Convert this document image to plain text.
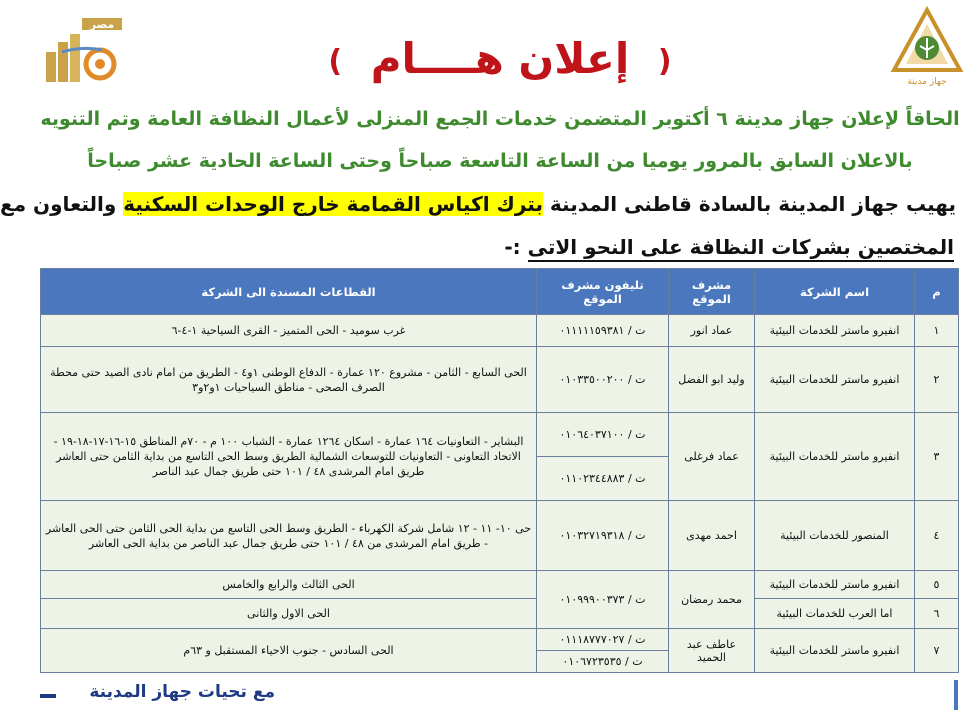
مصر
جهاز مدينة
( إعلان هــــام )
الحاقاً لإعلان جهاز مدينة ٦ أكتوبر المتضمن خدمات الجمع المنزلى لأعمال النظافة العامة وتم التنويه
بالاعلان السابق بالمرور يوميا من الساعة التاسعة صباحاً وحتى الساعة الحادية عشر صباحاً
يهيب جهاز المدينة بالسادة قاطنى المدينة بترك اكياس القمامة خارج الوحدات السكنية والتعاون مع
المختصين بشركات النظافة على النحو الاتى :-
م	اسم الشركة	مشرف الموقع	تليفون مشرف الموقع	القطاعات المسندة الى الشركة
١	انفيرو ماستر للخدمات البيئية	عماد انور	ت / ٠١١١١١٥٩٣٨١	غرب سوميد - الحى المتميز - القرى السياحية ١-٤-٦
٢	انفيرو ماستر للخدمات البيئية	وليد ابو الفضل	ت / ٠١٠٣٣٥٠٠٢٠٠	الحى السابع - الثامن - مشروع ١٢٠ عمارة - الدفاع الوطنى ١و٤ - الطريق من امام نادى الصيد حتى محطة الصرف الصحى - مناطق السياحيات ١و٢و٣
٣	انفيرو ماستر للخدمات البيئية	عماد فرغلى	ت / ٠١٠٦٤٠٣٧١٠٠	البشاير - التعاونيات ١٦٤ عمارة - اسكان ١٢٦٤ عمارة - الشباب ١٠٠ م - ٧٠م المناطق ١٥-١٦-١٧-١٨-١٩ - الاتحاد التعاونى - التعاونيات للتوسعات الشمالية الطريق وسط الحى التاسع من بداية الثامن حتى العاشر طريق امام المرشدى ٤٨ / ١٠١ حتى طريق جمال عبد الناصر
			ت / ٠١١٠٢٣٤٤٨٨٣	
٤	المنصور للخدمات البيئية	احمد مهدى	ت / ٠١٠٣٢٧١٩٣١٨	حى ١٠- ١١ - ١٢ شامل شركة الكهرباء - الطريق وسط الحى التاسع من بداية الحى الثامن حتى الحى العاشر - طريق امام المرشدى من ٤٨ / ١٠١ حتى طريق جمال عبد الناصر من بداية الحى العاشر
٥	انفيرو ماستر للخدمات البيئية	محمد رمضان	ت / ٠١٠٩٩٩٠٠٣٧٣	الحى الثالث والرابع والخامس
٦	اما العرب للخدمات البيئية			الحى الاول والثانى
٧	انفيرو ماستر للخدمات البيئية	عاطف عبد الحميد	ت / ٠١١١٨٧٧٧٠٢٧	الحى السادس - جنوب الاحياء المستقبل و ٦٣م
			ت / ٠١٠٦٧٢٣٥٣٥	
مع تحيات جهاز المدينة
